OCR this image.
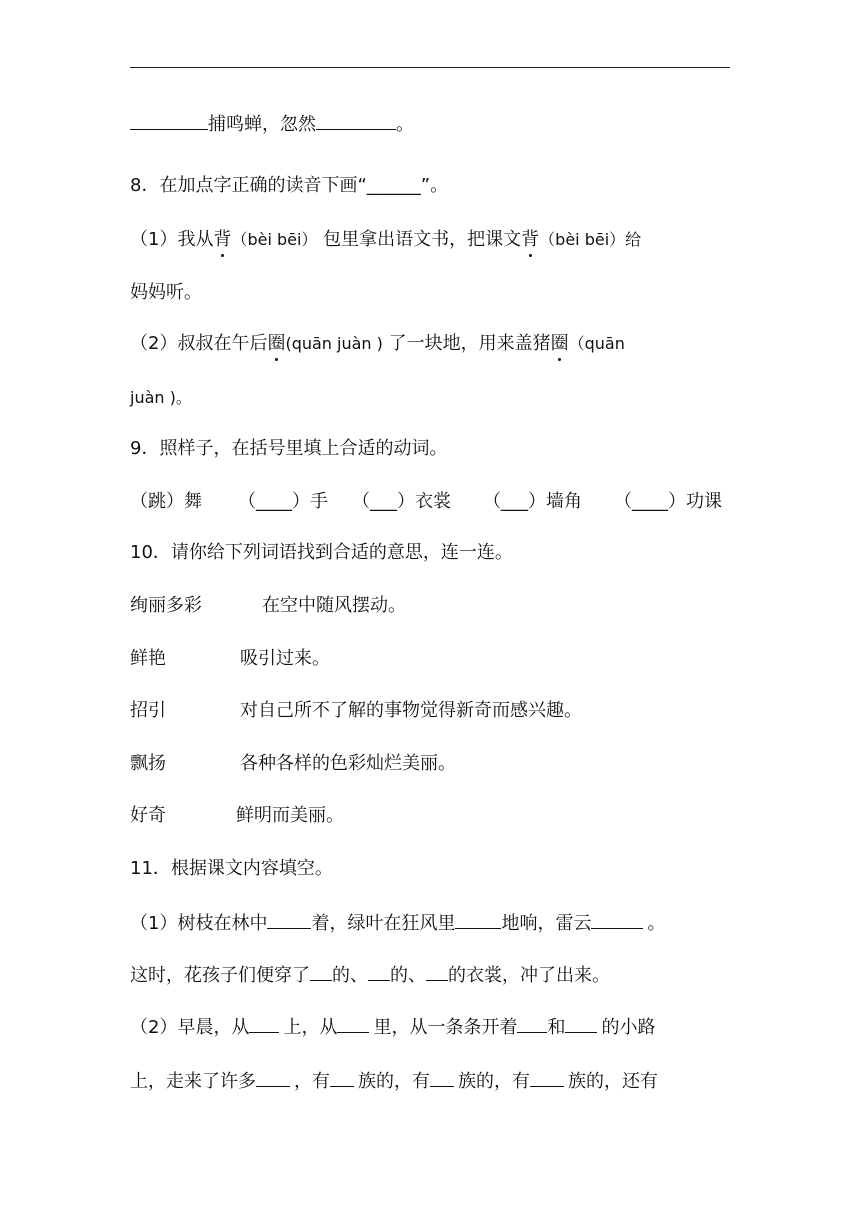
捕鸣蝉，忽然	。
8．在加点字正确的读音下画“______”。
（1）我从背（bèi bēi） 包里拿出语文书，把课文背（bèi bēi）给
妈妈听。
（2）叔叔在午后圈(quān juàn ) 了一块地，用来盖猪圈（quān
juàn )。
9．照样子，在括号里填上合适的动词。
（跳）舞 （____）手 （___）衣裳 （___）墙角 （____）功课
10．请你给下列词语找到合适的意思，连一连。
绚丽多彩	在空中随风摆动。
鲜艳	吸引过来。
招引	对自己所不了解的事物觉得新奇而感兴趣。
飘扬	各种各样的色彩灿烂美丽。
好奇	鲜明而美丽。
11．根据课文内容填空。
（1）树枝在林中 着，绿叶在狂风里	地响，雷云	。
这时，花孩子们便穿了 的、 的、 的衣裳，冲了出来。
（2）早晨，从 上，从 里，从一条条开着 和 的小路
上，走来了许多 ，有 族的，有 族的，有 族的，还有
